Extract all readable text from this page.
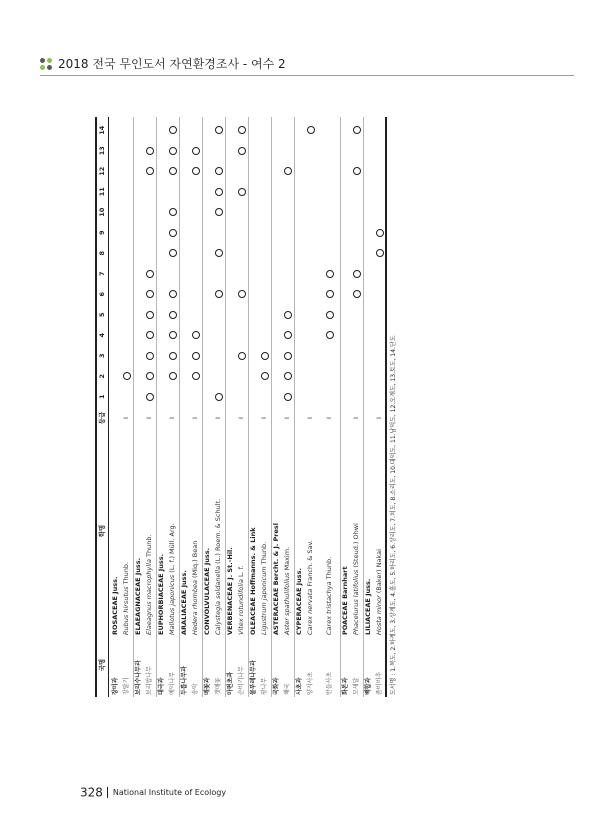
2018 전국 무인도서 자연환경조사 - 여수 2
국명
학명
등급
1
2
3
4
5
6
7
8
9
10
11
12
13
14
장미과
ROSACEAE Juss.
장딸기
Rubus hirsutus Thunb.
I
보리수나무과
ELAEAGNACEAE Juss.
보리밥나무
Elaeagnus macrophylla Thunb.
I
대극과
EUPHORBIACEAE Juss.
예덕나무
Mallotus japonicus (L. f.) Müll. Arg.
I
두릅나무과
ARALIACEAE Juss.
송악
Hedera rhombea (Miq.) Bean
I
메꽃과
CONVOLVULACEAE Juss.
갯메꽃
Calystegia soldanella (L.) Roem. & Schult.
I
마편초과
VERBENACEAE J. St.-Hil.
순비기나무
Vitex rotundifolia L. f.
I
물푸레나무과
OLEACEAE Hoffmanns. & Link
광나무
Ligustrum japonicum Thunb.
I
국화과
ASTERACEAE Bercht. & J. Presl
해국
Aster spathulifolius Maxim.
I
사초과
CYPERACEAE Juss.
양지사초
Carex nervata Franch. & Sav.
I
반들사초
Carex tristachya Thunb.
I
화본과
POACEAE Barnhart
모새달
Phacelurus latifolius (Steud.) Ohwi
I
백합과
LILIACEAE Juss.
좀비비추
Hosta minor (Baker) Nakai
I	도서명 : 1.목도, 2.하계도, 3.상계도, 4.흘도, 5.하리도, 6.상리도, 7.치도, 8.소리도, 10.대덕도, 11.남덕도, 12.오개도, 13.토도, 14.단도
328 National Institute of Ecology
